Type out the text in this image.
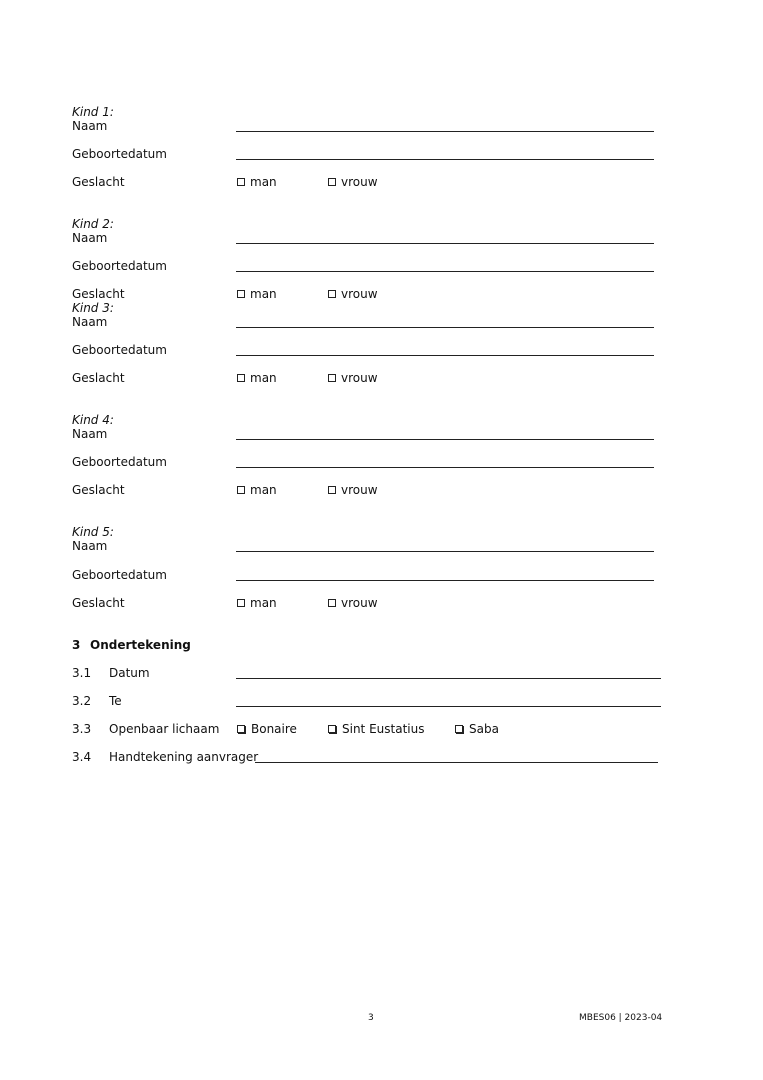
Kind 1:
Naam
Geboortedatum
Geslacht	man	vrouw
Kind 2:
Naam
Geboortedatum
Geslacht	man	vrouw
Kind 3:
Naam
Geboortedatum
Geslacht	man	vrouw
Kind 4:
Naam
Geboortedatum
Geslacht	man	vrouw
Kind 5:
Naam
Geboortedatum
Geslacht	man	vrouw
3 Ondertekening
3.1 Datum
3.2 Te
3.3 Openbaar lichaam	Bonaire	Sint Eustatius	Saba
3.4 Handtekening aanvrager
3	MBES06 | 2023-04
